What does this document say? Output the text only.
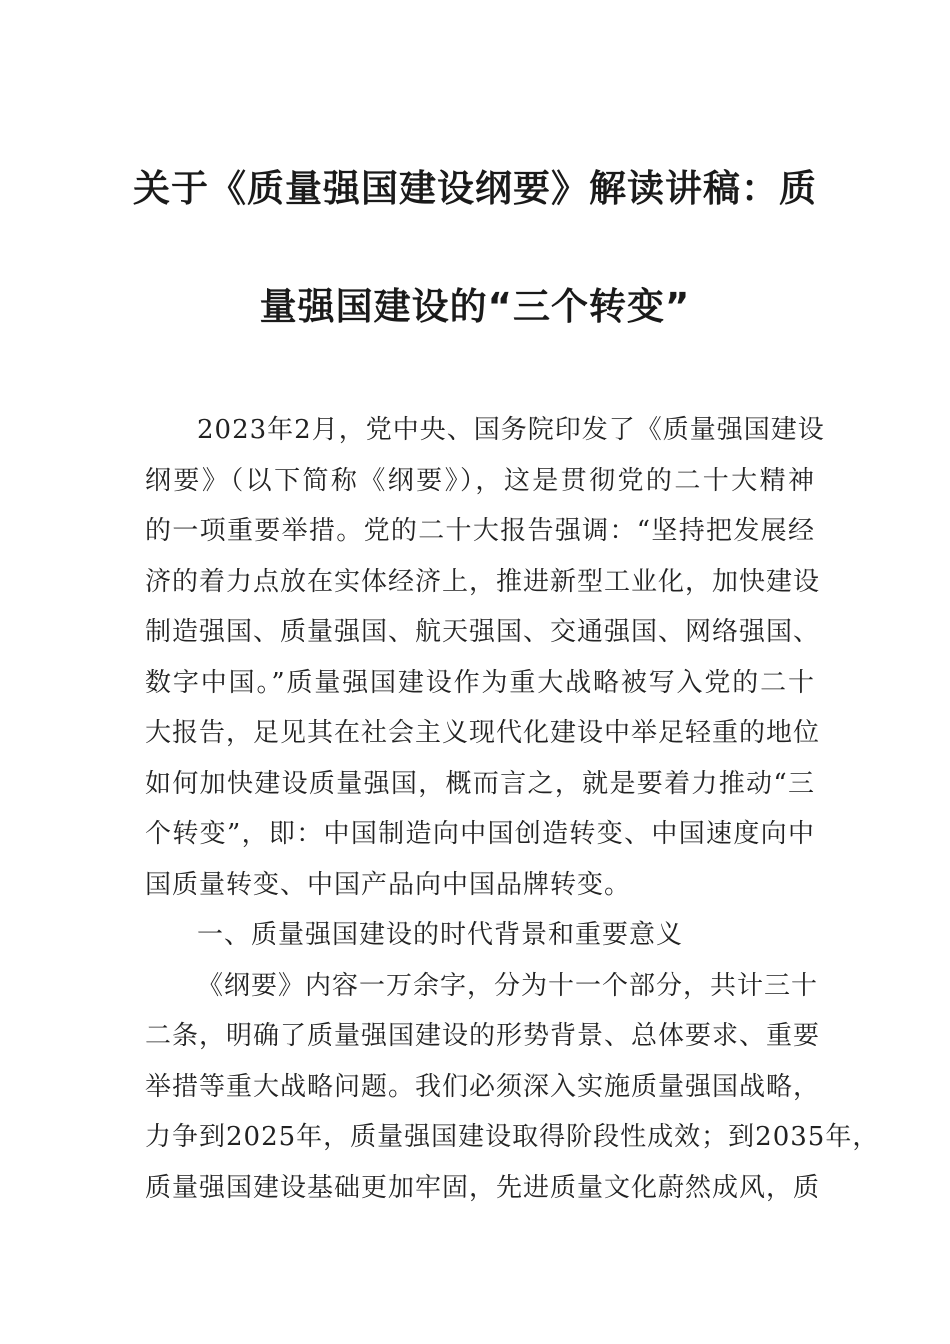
关于《质量强国建设纲要》解读讲稿：质
量强国建设的“三个转变”
2023年2月，党中央、国务院印发了《质量强国建设
纲要》（以下简称《纲要》），这是贯彻党的二十大精神
的一项重要举措。党的二十大报告强调：“坚持把发展经
济的着力点放在实体经济上，推进新型工业化，加快建设
制造强国、质量强国、航天强国、交通强国、网络强国、
数字中国。”质量强国建设作为重大战略被写入党的二十
大报告，足见其在社会主义现代化建设中举足轻重的地位
如何加快建设质量强国，概而言之，就是要着力推动“三
个转变”，即：中国制造向中国创造转变、中国速度向中
国质量转变、中国产品向中国品牌转变。
一、质量强国建设的时代背景和重要意义
《纲要》内容一万余字，分为十一个部分，共计三十
二条，明确了质量强国建设的形势背景、总体要求、重要
举措等重大战略问题。我们必须深入实施质量强国战略，
力争到2025年，质量强国建设取得阶段性成效；到2035年，
质量强国建设基础更加牢固，先进质量文化蔚然成风，质
